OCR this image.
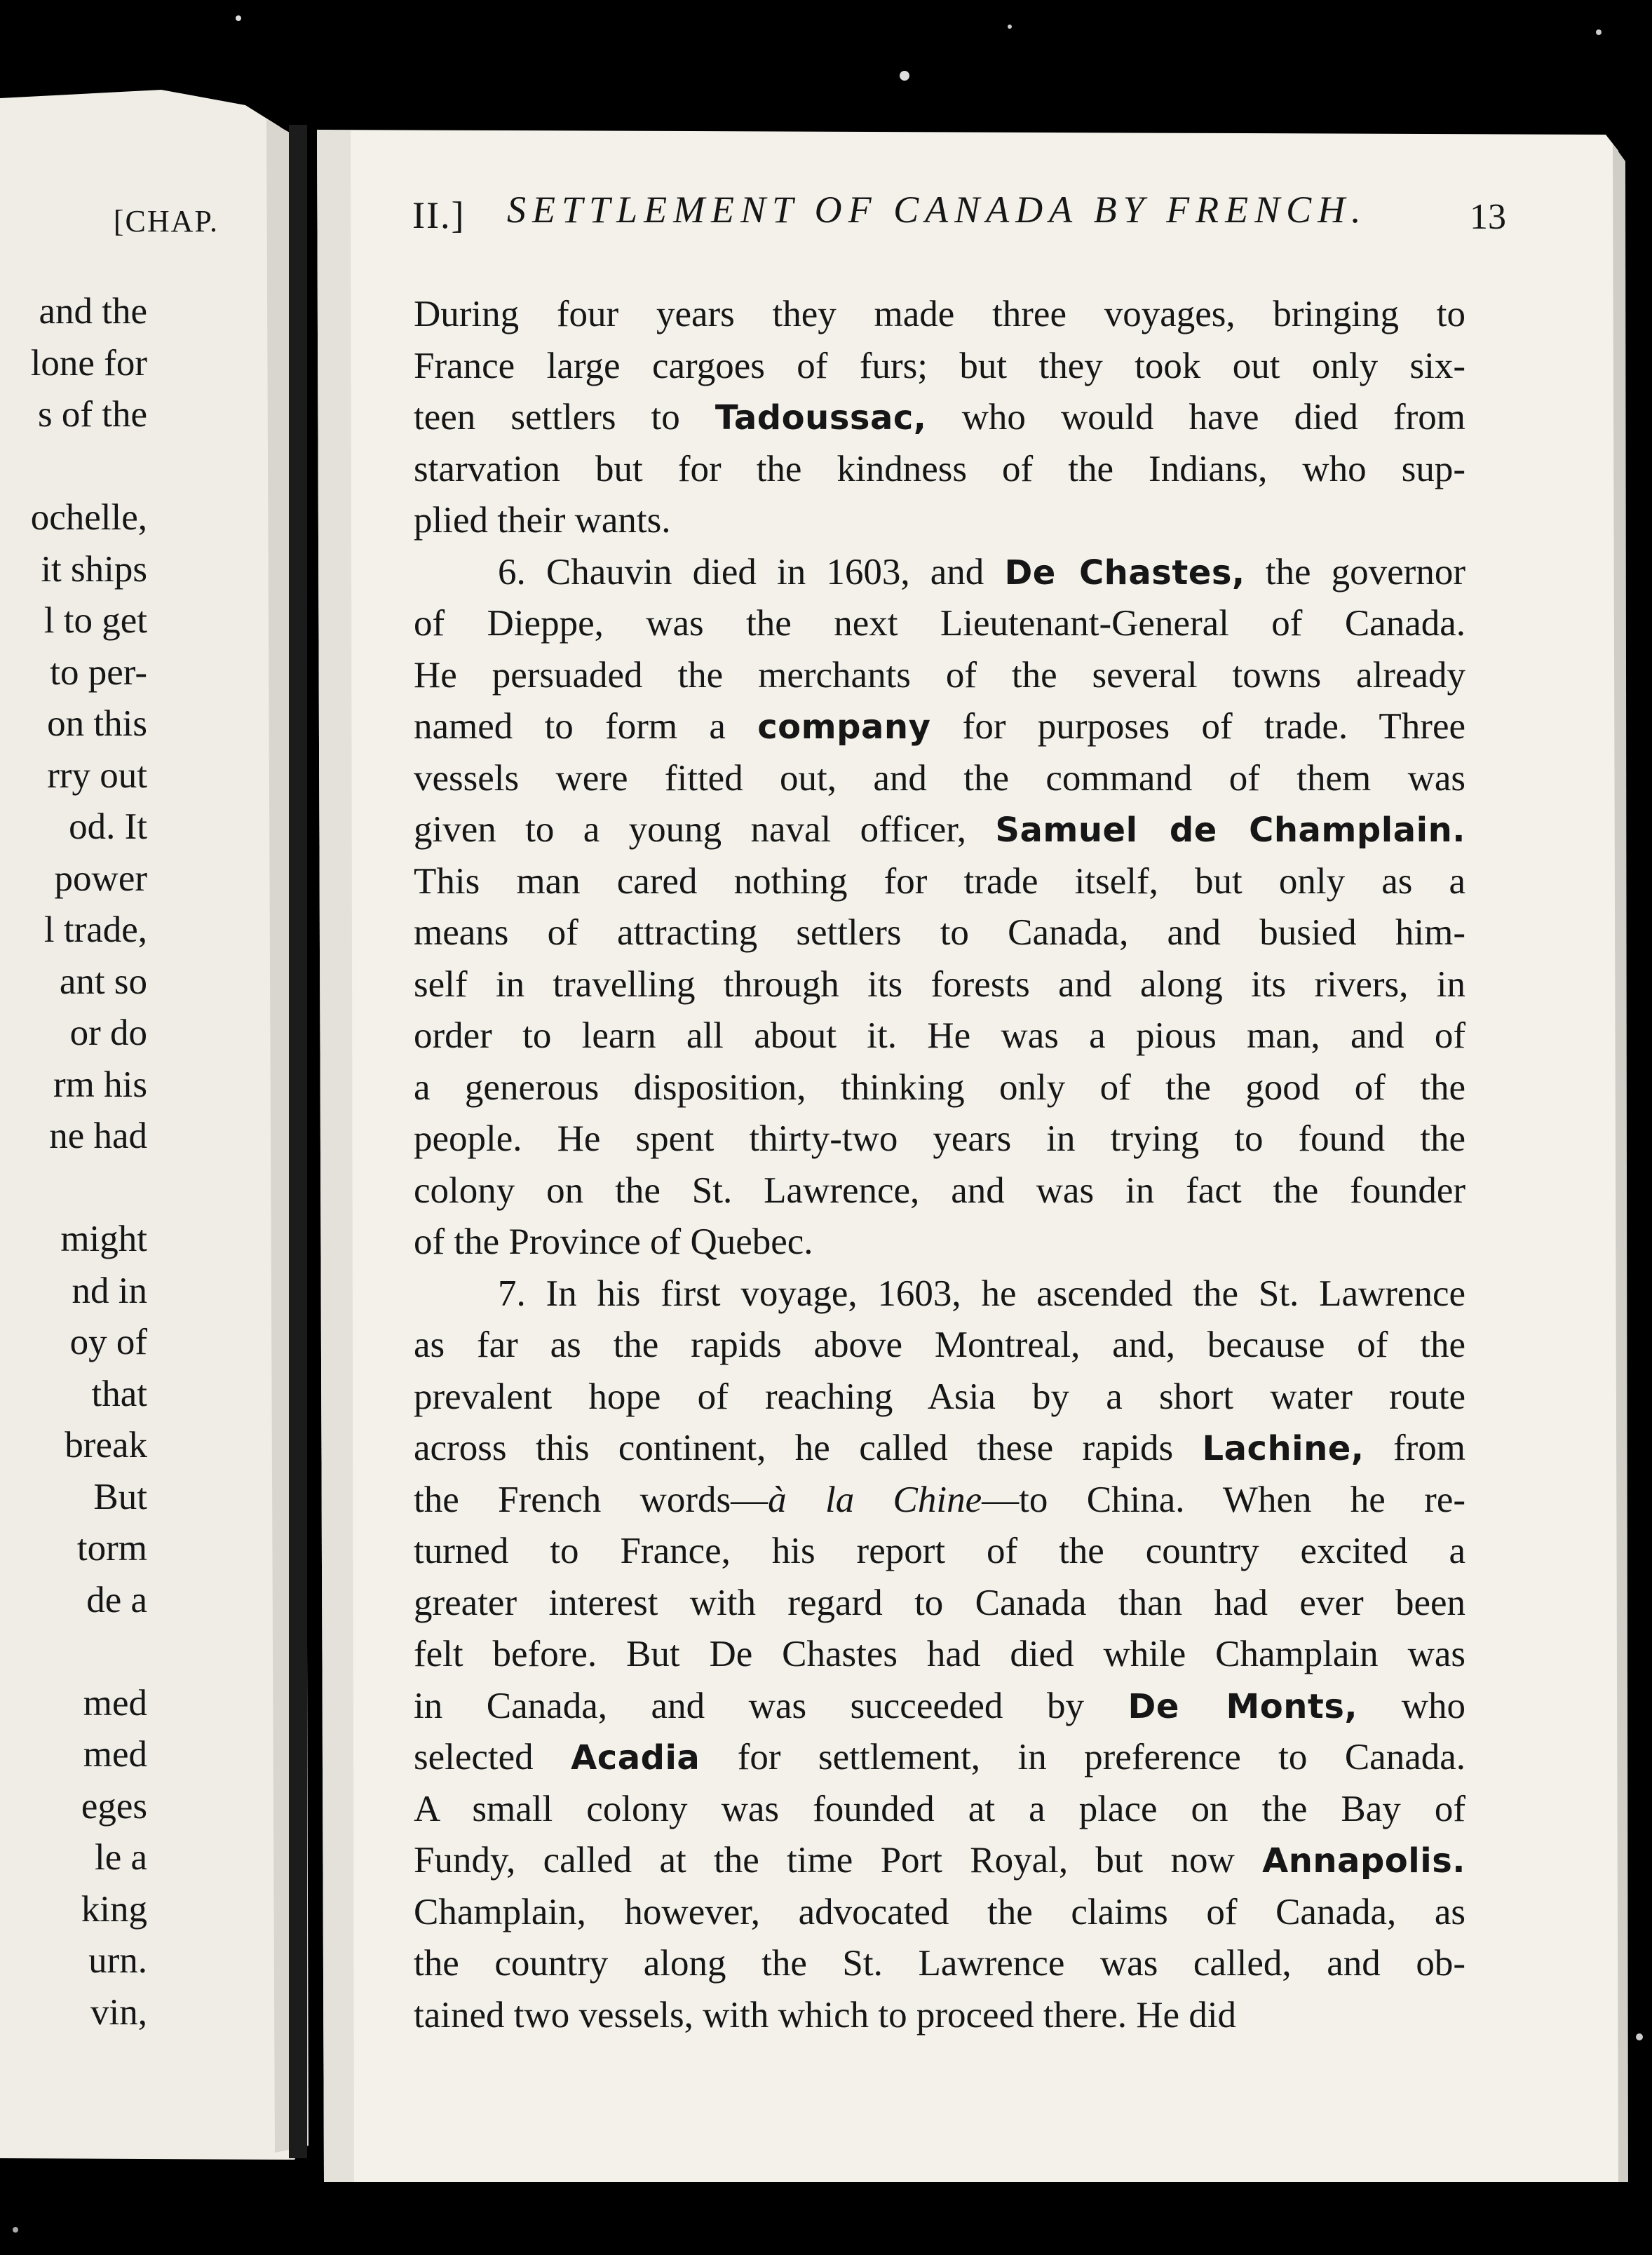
[CHAP.
and the
lone for
s of the

ochelle,
it ships
l to get
to per-
on this
rry out
od. It
power
l trade,
ant so
or do
rm his
ne had

might
nd in
oy of
that
break
But
torm
de a

med
med
eges
le a
king
urn.
vin,
II.] SETTLEMENT OF CANADA BY FRENCH.	13
During four years they made three voyages, bringing to
France large cargoes of furs; but they took out only six-
teen settlers to Tadoussac, who would have died from
starvation but for the kindness of the Indians, who sup-
plied their wants.
6. Chauvin died in 1603, and De Chastes, the governor
of Dieppe, was the next Lieutenant-General of Canada.
He persuaded the merchants of the several towns already
named to form a company for purposes of trade. Three
vessels were fitted out, and the command of them was
given to a young naval officer, Samuel de Champlain.
This man cared nothing for trade itself, but only as a
means of attracting settlers to Canada, and busied him-
self in travelling through its forests and along its rivers, in
order to learn all about it. He was a pious man, and of
a generous disposition, thinking only of the good of the
people. He spent thirty-two years in trying to found the
colony on the St. Lawrence, and was in fact the founder
of the Province of Quebec.
7. In his first voyage, 1603, he ascended the St. Lawrence
as far as the rapids above Montreal, and, because of the
prevalent hope of reaching Asia by a short water route
across this continent, he called these rapids Lachine, from
the French words—à la Chine—to China. When he re-
turned to France, his report of the country excited a
greater interest with regard to Canada than had ever been
felt before. But De Chastes had died while Champlain was
in Canada, and was succeeded by De Monts, who
selected Acadia for settlement, in preference to Canada.
A small colony was founded at a place on the Bay of
Fundy, called at the time Port Royal, but now Annapolis.
Champlain, however, advocated the claims of Canada, as
the country along the St. Lawrence was called, and ob-
tained two vessels, with which to proceed there. He did
